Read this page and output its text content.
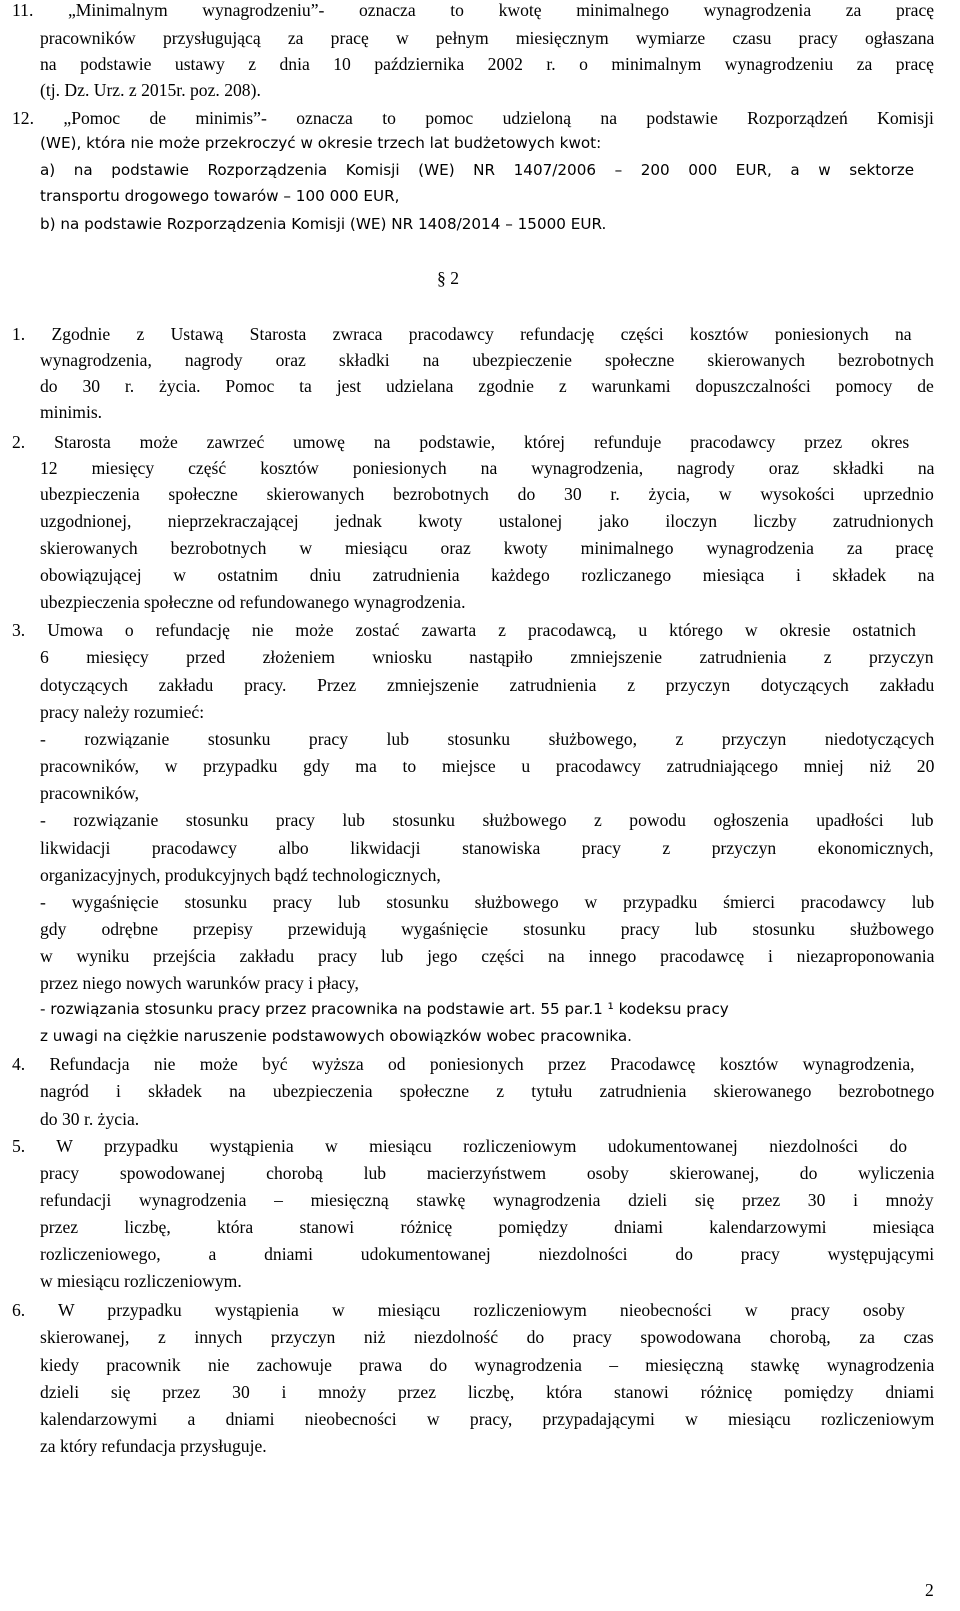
11. „Minimalnym wynagrodzeniu”- oznacza to kwotę minimalnego wynagrodzenia za pracę

pracowników przysługującą za pracę w pełnym miesięcznym wymiarze czasu pracy ogłaszana

na podstawie ustawy z dnia 10 października 2002 r. o minimalnym wynagrodzeniu za pracę

(tj. Dz. Urz. z 2015r. poz. 208).

12. „Pomoc de minimis”- oznacza to pomoc udzieloną na podstawie Rozporządzeń Komisji

(WE), która nie może przekroczyć w okresie trzech lat budżetowych kwot:

a) na podstawie Rozporządzenia Komisji (WE) NR 1407/2006 – 200 000 EUR, a w sektorze

transportu drogowego towarów – 100 000 EUR,

b) na podstawie Rozporządzenia Komisji (WE) NR 1408/2014 – 15000 EUR.

§ 2

1. Zgodnie z Ustawą Starosta zwraca pracodawcy refundację części kosztów poniesionych na

wynagrodzenia, nagrody oraz składki na ubezpieczenie społeczne skierowanych bezrobotnych

do 30 r. życia. Pomoc ta jest udzielana zgodnie z warunkami dopuszczalności pomocy de

minimis.

2. Starosta może zawrzeć umowę na podstawie, której refunduje pracodawcy przez okres

12 miesięcy część kosztów poniesionych na wynagrodzenia, nagrody oraz składki na

ubezpieczenia społeczne skierowanych bezrobotnych do 30 r. życia, w wysokości uprzednio

uzgodnionej, nieprzekraczającej jednak kwoty ustalonej jako iloczyn liczby zatrudnionych

skierowanych bezrobotnych w miesiącu oraz kwoty minimalnego wynagrodzenia za pracę

obowiązującej w ostatnim dniu zatrudnienia każdego rozliczanego miesiąca i składek na

ubezpieczenia społeczne od refundowanego wynagrodzenia.

3. Umowa o refundację nie może zostać zawarta z pracodawcą, u którego w okresie ostatnich

6 miesięcy przed złożeniem wniosku nastąpiło zmniejszenie zatrudnienia z przyczyn

dotyczących zakładu pracy. Przez zmniejszenie zatrudnienia z przyczyn dotyczących zakładu

pracy należy rozumieć:

- rozwiązanie stosunku pracy lub stosunku służbowego, z przyczyn niedotyczących

pracowników, w przypadku gdy ma to miejsce u pracodawcy zatrudniającego mniej niż 20

pracowników,

- rozwiązanie stosunku pracy lub stosunku służbowego z powodu ogłoszenia upadłości lub

likwidacji pracodawcy albo likwidacji stanowiska pracy z przyczyn ekonomicznych,

organizacyjnych, produkcyjnych bądź technologicznych,

- wygaśnięcie stosunku pracy lub stosunku służbowego w przypadku śmierci pracodawcy lub

gdy odrębne przepisy przewidują wygaśnięcie stosunku pracy lub stosunku służbowego

w wyniku przejścia zakładu pracy lub jego części na innego pracodawcę i niezaproponowania

przez niego nowych warunków pracy i płacy,

- rozwiązania stosunku pracy przez pracownika na podstawie art. 55 par.1 ¹ kodeksu pracy

z uwagi na ciężkie naruszenie podstawowych obowiązków wobec pracownika.

4. Refundacja nie może być wyższa od poniesionych przez Pracodawcę kosztów wynagrodzenia,

nagród i składek na ubezpieczenia społeczne z tytułu zatrudnienia skierowanego bezrobotnego

do 30 r. życia.

5. W przypadku wystąpienia w miesiącu rozliczeniowym udokumentowanej niezdolności do

pracy spowodowanej chorobą lub macierzyństwem osoby skierowanej, do wyliczenia

refundacji wynagrodzenia – miesięczną stawkę wynagrodzenia dzieli się przez 30 i mnoży

przez liczbę, która stanowi różnicę pomiędzy dniami kalendarzowymi miesiąca

rozliczeniowego, a dniami udokumentowanej niezdolności do pracy występującymi

w miesiącu rozliczeniowym.

6. W przypadku wystąpienia w miesiącu rozliczeniowym nieobecności w pracy osoby

skierowanej, z innych przyczyn niż niezdolność do pracy spowodowana chorobą, za czas

kiedy pracownik nie zachowuje prawa do wynagrodzenia – miesięczną stawkę wynagrodzenia

dzieli się przez 30 i mnoży przez liczbę, która stanowi różnicę pomiędzy dniami

kalendarzowymi a dniami nieobecności w pracy, przypadającymi w miesiącu rozliczeniowym

za który refundacja przysługuje.

2
